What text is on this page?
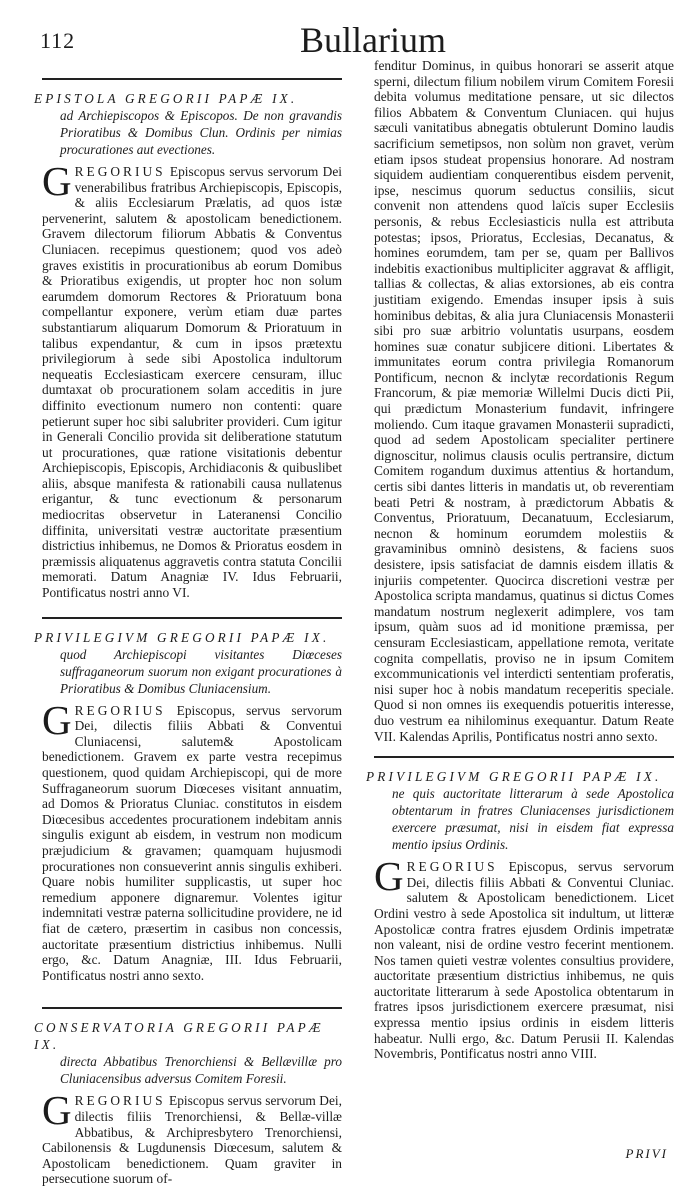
112	Bullarium
EPISTOLA GREGORII PAPÆ IX.
ad Archiepiscopos & Episcopos. De non gravandis Prioratibus & Domibus Clun. Ordinis per nimias procurationes aut evectiones.

GREGORIUS Episcopus servus servorum Dei venerabilibus fratribus Archiepiscopis, Episcopis, & aliis Ecclesiarum Prælatis, ad quos istæ pervenerint, salutem & apostolicam benedictionem. Gravem dilectorum filiorum Abbatis & Conventus Cluniacen. recepimus questionem; quod vos adeò graves existitis in procurationibus ab eorum Domibus & Prioratibus exigendis, ut propter hoc non solum earumdem domorum Rectores & Prioratuum bona compellantur exponere, verùm etiam duæ partes substantiarum aliquarum Domorum & Prioratuum in talibus expendantur, & cum in ipsos prætextu privilegiorum à sede sibi Apostolica indultorum nequeatis Ecclesiasticam exercere censuram, illuc dumtaxat ob procurationem solam acceditis in jure diffinito evectionum numero non contenti: quare petierunt super hoc sibi salubriter provideri. Cum igitur in Generali Concilio provida sit deliberatione statutum ut procurationes, quæ ratione visitationis debentur Archiepiscopis, Episcopis, Archidiaconis & quibuslibet aliis, absque manifesta & rationabili causa nullatenus erigantur, & tunc evectionum & personarum mediocritas observetur in Lateranensi Concilio diffinita, universitati vestræ auctoritate præsentium districtius inhibemus, ne Domos & Prioratus eosdem in præmissis aliquatenus aggravetis contra statuta Concilii memorati. Datum Anagniæ IV. Idus Februarii, Pontificatus nostri anno VI.

PRIVILEGIVM GREGORII PAPÆ IX.
quod Archiepiscopi visitantes Diœceses suffraganeorum suorum non exigant procurationes à Prioratibus & Domibus Cluniacensium.

GREGORIUS Episcopus, servus servorum Dei, dilectis filiis Abbati & Conventui Cluniacensi, salutem& Apostolicam benedictionem. Gravem ex parte vestra recepimus questionem, quod quidam Archiepiscopi, qui de more Suffraganeorum suorum Diœceses visitant annuatim, ad Domos & Prioratus Cluniac. constitutos in eisdem Diœcesibus accedentes procurationem indebitam annis singulis exigunt ab eisdem, in vestrum non modicum præjudicium & gravamen; quamquam hujusmodi procurationes non consueverint annis singulis exhiberi. Quare nobis humiliter supplicastis, ut super hoc remedium apponere dignaremur. Volentes igitur indemnitati vestræ paterna sollicitudine providere, ne id fiat de cætero, præsertim in casibus non concessis, auctoritate præsentium districtius inhibemus. Nulli ergo, &c. Datum Anagniæ, III. Idus Februarii, Pontificatus nostri anno sexto.

CONSERVATORIA GREGORII PAPÆ IX.
directa Abbatibus Trenorchiensi & Bellævillæ pro Cluniacensibus adversus Comitem Foresii.

GREGORIUS Episcopus servus servorum Dei, dilectis filiis Trenorchiensi, & Bellæ-villæ Abbatibus, & Archipresbytero Trenorchiensi, Cabilonensis & Lugdunensis Diœcesum, salutem & Apostolicam benedictionem. Quam graviter in persecutione suorum of-

fenditur Dominus, in quibus honorari se asserit atque sperni, dilectum filium nobilem virum Comitem Foresii debita volumus meditatione pensare, ut sic dilectos filios Abbatem & Conventum Cluniacen. qui hujus sæculi vanitatibus abnegatis obtulerunt Domino laudis sacrificium semetipsos, non solùm non gravet, verùm etiam ipsos studeat propensius honorare. Ad nostram siquidem audientiam conquerentibus eisdem pervenit, ipse, nescimus quorum seductus consiliis, sicut convenit non attendens quod laïcis super Ecclesiis personis, & rebus Ecclesiasticis nulla est attributa potestas; ipsos, Prioratus, Ecclesias, Decanatus, & homines eorumdem, tam per se, quam per Ballivos indebitis exactionibus multipliciter aggravat & affligit, tallias & collectas, & alias extorsiones, ab eis contra justitiam exigendo. Emendas insuper ipsis à suis hominibus debitas, & alia jura Cluniacensis Monasterii sibi pro suæ arbitrio voluntatis usurpans, eosdem homines suæ conatur subjicere ditioni. Libertates & immunitates eorum contra privilegia Romanorum Pontificum, necnon & inclytæ recordationis Regum Francorum, & piæ memoriæ Willelmi Ducis dicti Pii, qui prædictum Monasterium fundavit, infringere moliendo. Cum itaque gravamen Monasterii supradicti, quod ad sedem Apostolicam specialiter pertinere dignoscitur, nolimus clausis oculis pertransire, dictum Comitem rogandum duximus attentius & hortandum, certis sibi dantes litteris in mandatis ut, ob reverentiam beati Petri & nostram, à prædictorum Abbatis & Conventus, Prioratuum, Decanatuum, Ecclesiarum, necnon & hominum eorumdem molestiis & gravaminibus omninò desistens, & faciens suos desistere, ipsis satisfaciat de damnis eisdem illatis & injuriis competenter. Quocirca discretioni vestræ per Apostolica scripta mandamus, quatinus si dictus Comes mandatum nostrum neglexerit adimplere, vos tam ipsum, quàm suos ad id monitione præmissa, per censuram Ecclesiasticam, appellatione remota, veritate cognita compellatis, proviso ne in ipsum Comitem excommunicationis vel interdicti sententiam proferatis, nisi super hoc à nobis mandatum receperitis speciale. Quod si non omnes iis exequendis potueritis interesse, duo vestrum ea nihilominus exequantur. Datum Reate VII. Kalendas Aprilis, Pontificatus nostri anno sexto.

PRIVILEGIVM GREGORII PAPÆ IX.
ne quis auctoritate litterarum à sede Apostolica obtentarum in fratres Cluniacenses jurisdictionem exercere præsumat, nisi in eisdem fiat expressa mentio ipsius Ordinis.

GREGORIUS Episcopus, servus servorum Dei, dilectis filiis Abbati & Conventui Cluniac. salutem & Apostolicam benedictionem. Licet Ordini vestro à sede Apostolica sit indultum, ut litteræ Apostolicæ contra fratres ejusdem Ordinis impetratæ non valeant, nisi de ordine vestro fecerint mentionem. Nos tamen quieti vestræ volentes consultius providere, auctoritate præsentium districtius inhibemus, ne quis auctoritate litterarum à sede Apostolica obtentarum in fratres ipsos jurisdictionem exercere præsumat, nisi expressa mentio ipsius ordinis in eisdem litteris habeatur. Nulli ergo, &c. Datum Perusii II. Kalendas Novembris, Pontificatus nostri anno VIII.

PRIVI
